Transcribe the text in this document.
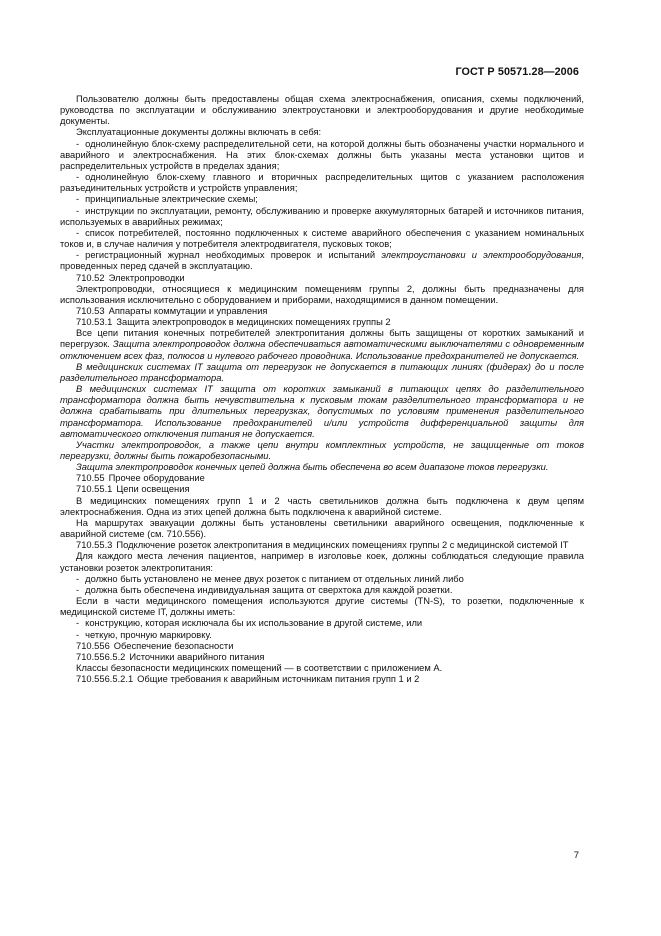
ГОСТ Р 50571.28—2006

Пользователю должны быть предоставлены общая схема электроснабжения, описания, схемы подключений, руководства по эксплуатации и обслуживанию электроустановки и электрооборудования и другие необходимые документы.

Эксплуатационные документы должны включать в себя:

- однолинейную блок-схему распределительной сети, на которой должны быть обозначены участки нормального и аварийного и электроснабжения. На этих блок-схемах должны быть указаны места установки щитов и распределительных устройств в пределах здания;

- однолинейную блок-схему главного и вторичных распределительных щитов с указанием расположения разъединительных устройств и устройств управления;

- принципиальные электрические схемы;

- инструкции по эксплуатации, ремонту, обслуживанию и проверке аккумуляторных батарей и источников питания, используемых в аварийных режимах;

- список потребителей, постоянно подключенных к системе аварийного обеспечения с указанием номинальных токов и, в случае наличия у потребителя электродвигателя, пусковых токов;

- регистрационный журнал необходимых проверок и испытаний электроустановки и электрооборудования, проведенных перед сдачей в эксплуатацию.

710.52 Электропроводки

Электропроводки, относящиеся к медицинским помещениям группы 2, должны быть предназначены для использования исключительно с оборудованием и приборами, находящимися в данном помещении.

710.53 Аппараты коммутации и управления

710.53.1 Защита электропроводок в медицинских помещениях группы 2

Все цепи питания конечных потребителей электропитания должны быть защищены от коротких замыканий и перегрузок. Защита электропроводок должна обеспечиваться автоматическими выключателями с одновременным отключением всех фаз, полюсов и нулевого рабочего проводника. Использование предохранителей не допускается.

В медицинских системах IT защита от перегрузок не допускается в питающих линиях (фидерах) до и после разделительного трансформатора.

В медицинских системах IT защита от коротких замыканий в питающих цепях до разделительного трансформатора должна быть нечувствительна к пусковым токам разделительного трансформатора и не должна срабатывать при длительных перегрузках, допустимых по условиям применения разделительного трансформатора. Использование предохранителей и/или устройств дифференциальной защиты для автоматического отключения питания не допускается.

Участки электропроводок, а также цепи внутри комплектных устройств, не защищенные от токов перегрузки, должны быть пожаробезопасными.

Защита электропроводок конечных цепей должна быть обеспечена во всем диапазоне токов перегрузки.

710.55 Прочее оборудование

710.55.1 Цепи освещения

В медицинских помещениях групп 1 и 2 часть светильников должна быть подключена к двум цепям электроснабжения. Одна из этих цепей должна быть подключена к аварийной системе.

На маршрутах эвакуации должны быть установлены светильники аварийного освещения, подключенные к аварийной системе (см. 710.556).

710.55.3 Подключение розеток электропитания в медицинских помещениях группы 2 с медицинской системой IT

Для каждого места лечения пациентов, например в изголовье коек, должны соблюдаться следующие правила установки розеток электропитания:

- должно быть установлено не менее двух розеток с питанием от отдельных линий либо

- должна быть обеспечена индивидуальная защита от сверхтока для каждой розетки.

Если в части медицинского помещения используются другие системы (TN-S), то розетки, подключенные к медицинской системе IT, должны иметь:

- конструкцию, которая исключала бы их использование в другой системе, или

- четкую, прочную маркировку.

710.556 Обеспечение безопасности

710.556.5.2 Источники аварийного питания

Классы безопасности медицинских помещений — в соответствии с приложением А.

710.556.5.2.1 Общие требования к аварийным источникам питания групп 1 и 2

7
